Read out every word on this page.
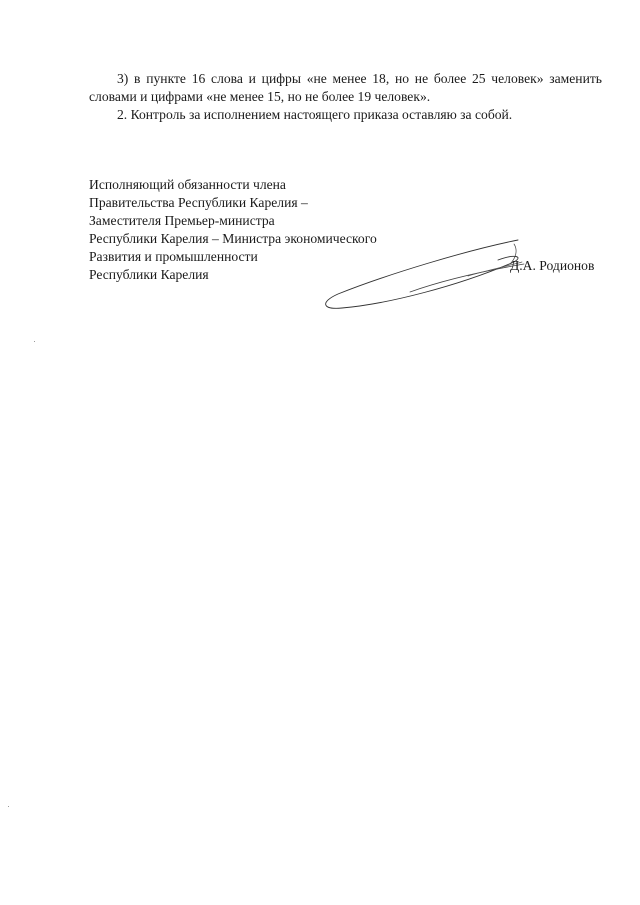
3) в пункте 16 слова и цифры «не менее 18, но не более 25 человек» заменить словами и цифрами «не менее 15, но не более 19 человек».

2. Контроль за исполнением настоящего приказа оставляю за собой.

Исполняющий обязанности члена
Правительства Республики Карелия –
Заместителя Премьер-министра
Республики Карелия – Министра экономического
Развития и промышленности
Республики Карелия
Д.А. Родионов
